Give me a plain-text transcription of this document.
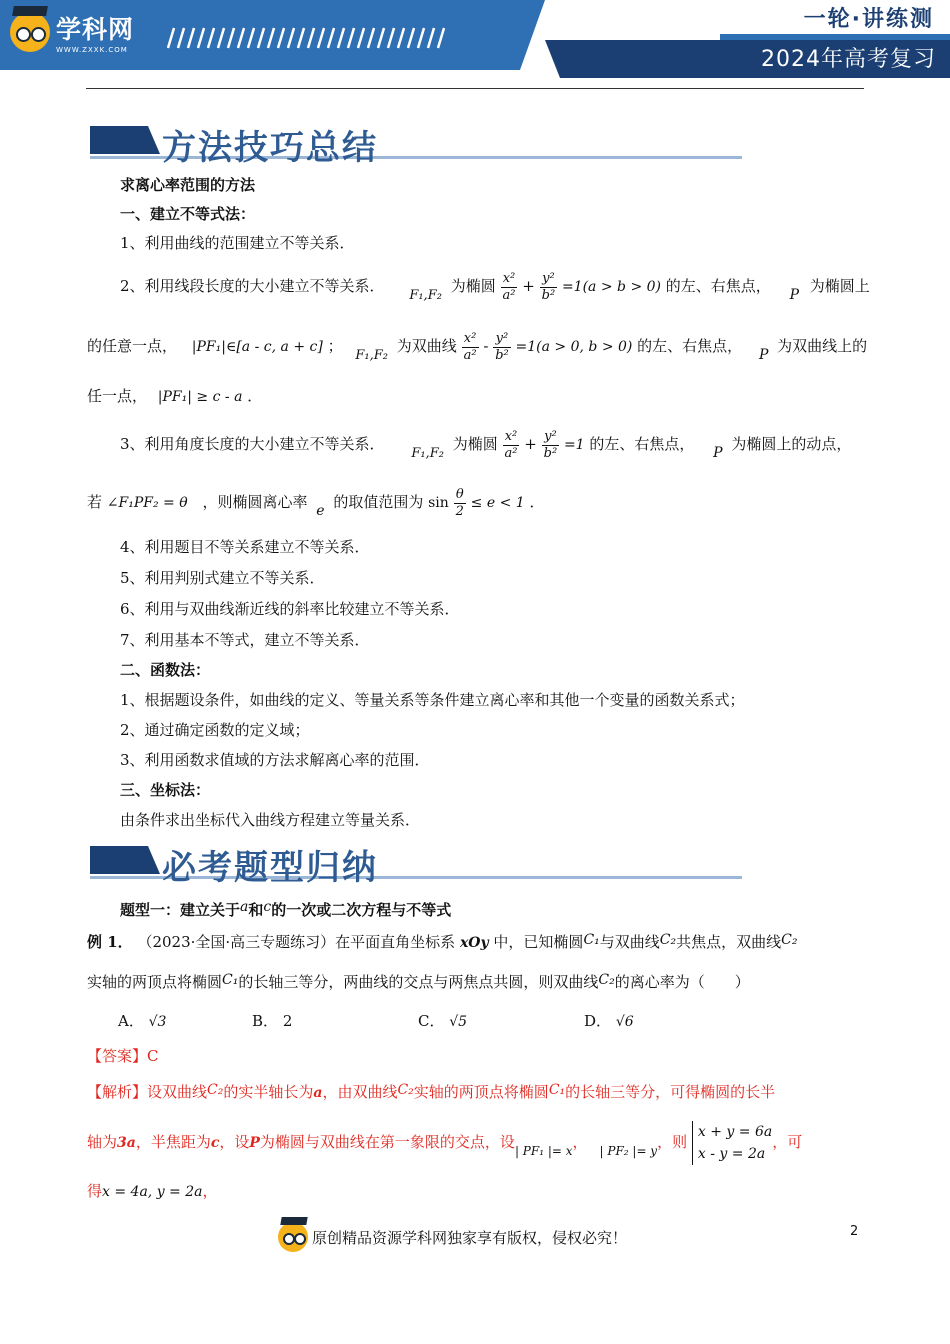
学科网
WWW.ZXXK.COM
一轮·讲练测
2024年高考复习
方法技巧总结
求离心率范围的方法
一、建立不等式法：
1、利用曲线的范围建立不等关系．
2、利用线段长度的大小建立不等关系． F₁,F₂ 为椭圆 $\frac{\text{x²}}{\text{a²}} + \frac{\text{y²}}{\text{b²}} =1(a > b > 0)$ 的左、右焦点， P 为椭圆上
的任意一点， |PF₁|∈[a - c, a + c] ； F₁,F₂ 为双曲线 $\frac{\text{x²}}{\text{a²}} - \frac{\text{y²}}{\text{b²}} =1(a > 0$, b > 0) 的左、右焦点， P 为双曲线上的
任一点， |PF₁| ≥ c - a ．
3、利用角度长度的大小建立不等关系． F₁,F₂ 为椭圆 $\frac{\text{x²}}{\text{a²}} + \frac{\text{y²}}{\text{b²}} =1$ 的左、右焦点， P 为椭圆上的动点，
若 ∠F₁PF₂ = θ ，则椭圆离心率 e 的取值范围为 $\sin \frac{\theta}{2} \le e < 1$ ．
4、利用题目不等关系建立不等关系．
5、利用判别式建立不等关系．
6、利用与双曲线渐近线的斜率比较建立不等关系．
7、利用基本不等式，建立不等关系．
二、函数法：
1、根据题设条件，如曲线的定义、等量关系等条件建立离心率和其他一个变量的函数关系式；
2、通过确定函数的定义域；
3、利用函数求值域的方法求解离心率的范围．
三、坐标法：
由条件求出坐标代入曲线方程建立等量关系．
必考题型归纳
题型一：建立关于a和c的一次或二次方程与不等式
例 1． （2023·全国·高三专题练习）在平面直角坐标系 xOy 中，已知椭圆C₁与双曲线C₂共焦点，双曲线C₂
实轴的两顶点将椭圆C₁的长轴三等分，两曲线的交点与两焦点共圆，则双曲线C₂的离心率为（　　）
A． √3	B． 2	C． √5	D． √6
【答案】C
【解析】设双曲线C₂的实半轴长为a，由双曲线C₂实轴的两顶点将椭圆C₁的长轴三等分，可得椭圆的长半
轴为3a，半焦距为c，设P为椭圆与双曲线在第一象限的交点，设$_{| PF_1 |= x}$， $_{| PF_2 |= y}$，则
x + y = 6a
x - y = 2a
，可
得x = 4a, y = 2a，
原创精品资源学科网独家享有版权，侵权必究！	2
